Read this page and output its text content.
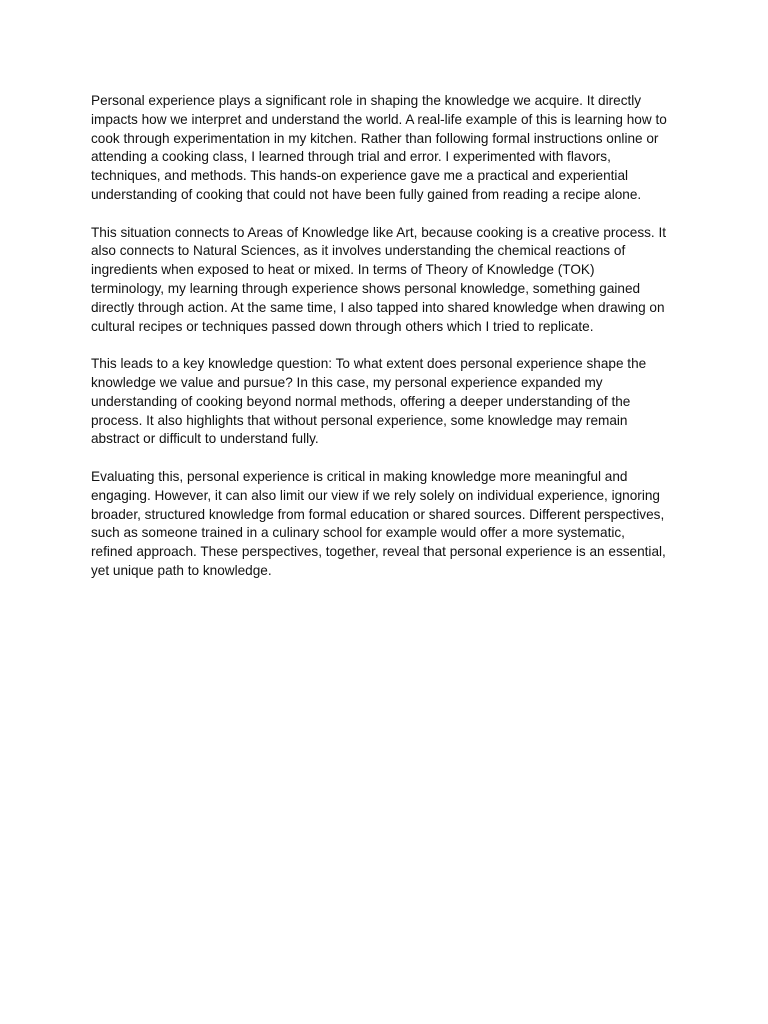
Personal experience plays a significant role in shaping the knowledge we acquire. It directly
impacts how we interpret and understand the world. A real-life example of this is learning how to
cook through experimentation in my kitchen. Rather than following formal instructions online or
attending a cooking class, I learned through trial and error. I experimented with flavors,
techniques, and methods. This hands-on experience gave me a practical and experiential
understanding of cooking that could not have been fully gained from reading a recipe alone.

This situation connects to Areas of Knowledge like Art, because cooking is a creative process. It
also connects to Natural Sciences, as it involves understanding the chemical reactions of
ingredients when exposed to heat or mixed. In terms of Theory of Knowledge (TOK)
terminology, my learning through experience shows personal knowledge, something gained
directly through action. At the same time, I also tapped into shared knowledge when drawing on
cultural recipes or techniques passed down through others which I tried to replicate.

This leads to a key knowledge question: To what extent does personal experience shape the
knowledge we value and pursue? In this case, my personal experience expanded my
understanding of cooking beyond normal methods, offering a deeper understanding of the
process. It also highlights that without personal experience, some knowledge may remain
abstract or difficult to understand fully.

Evaluating this, personal experience is critical in making knowledge more meaningful and
engaging. However, it can also limit our view if we rely solely on individual experience, ignoring
broader, structured knowledge from formal education or shared sources. Different perspectives,
such as someone trained in a culinary school for example would offer a more systematic,
refined approach. These perspectives, together, reveal that personal experience is an essential,
yet unique path to knowledge.
